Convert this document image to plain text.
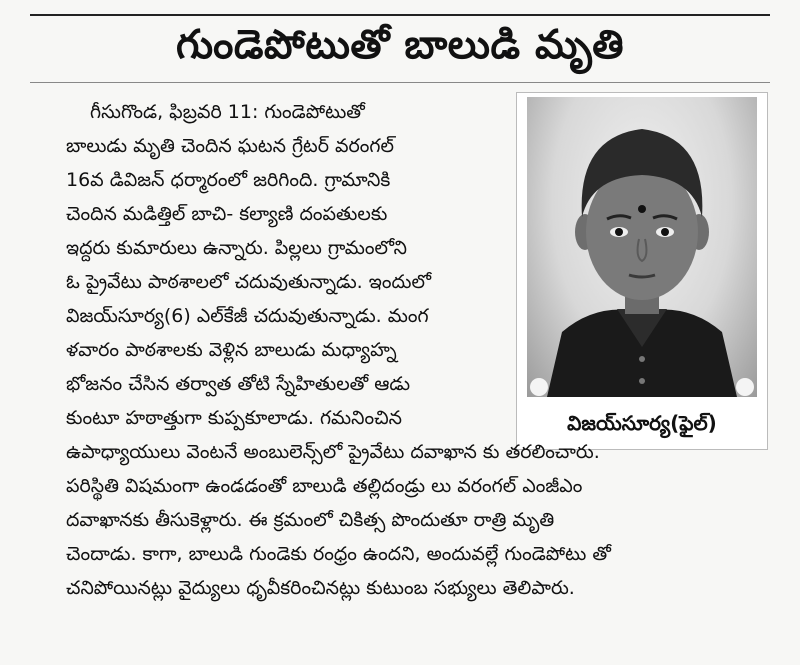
గుండెపోటుతో బాలుడి మృతి
విజయ్‌సూర్య(ఫైల్)
గీసుగొండ, ఫిబ్రవరి 11: గుండెపోటుతో
బాలుడు మృతి చెందిన ఘటన గ్రేటర్ వరంగల్
16వ డివిజన్ ధర్మారంలో జరిగింది. గ్రామానికి
చెందిన మడిత్తిల్ బాచి- కల్యాణి దంపతులకు
ఇద్దరు కుమారులు ఉన్నారు. పిల్లలు గ్రామంలోని
ఓ ప్రైవేటు పాఠశాలలో చదువుతున్నాడు. ఇందులో
విజయ్‌సూర్య(6) ఎల్‌కేజీ చదువుతున్నాడు. మంగ
ళవారం పాఠశాలకు వెళ్లిన బాలుడు మధ్యాహ్న
భోజనం చేసిన తర్వాత తోటి స్నేహితులతో ఆడు
కుంటూ హఠాత్తుగా కుప్పకూలాడు. గమనించిన
ఉపాధ్యాయులు వెంటనే అంబులెన్స్‌లో ప్రైవేటు దవాఖాన కు తరలించారు.
పరిస్థితి విషమంగా ఉండడంతో బాలుడి తల్లిదండ్రు లు వరంగల్ ఎంజీఎం
దవాఖానకు తీసుకెళ్లారు. ఈ క్రమంలో చికిత్స పొందుతూ రాత్రి మృతి
చెందాడు. కాగా, బాలుడి గుండెకు రంధ్రం ఉందని, అందువల్లే గుండెపోటు తో
చనిపోయినట్లు వైద్యులు ధృవీకరించినట్లు కుటుంబ సభ్యులు తెలిపారు.
